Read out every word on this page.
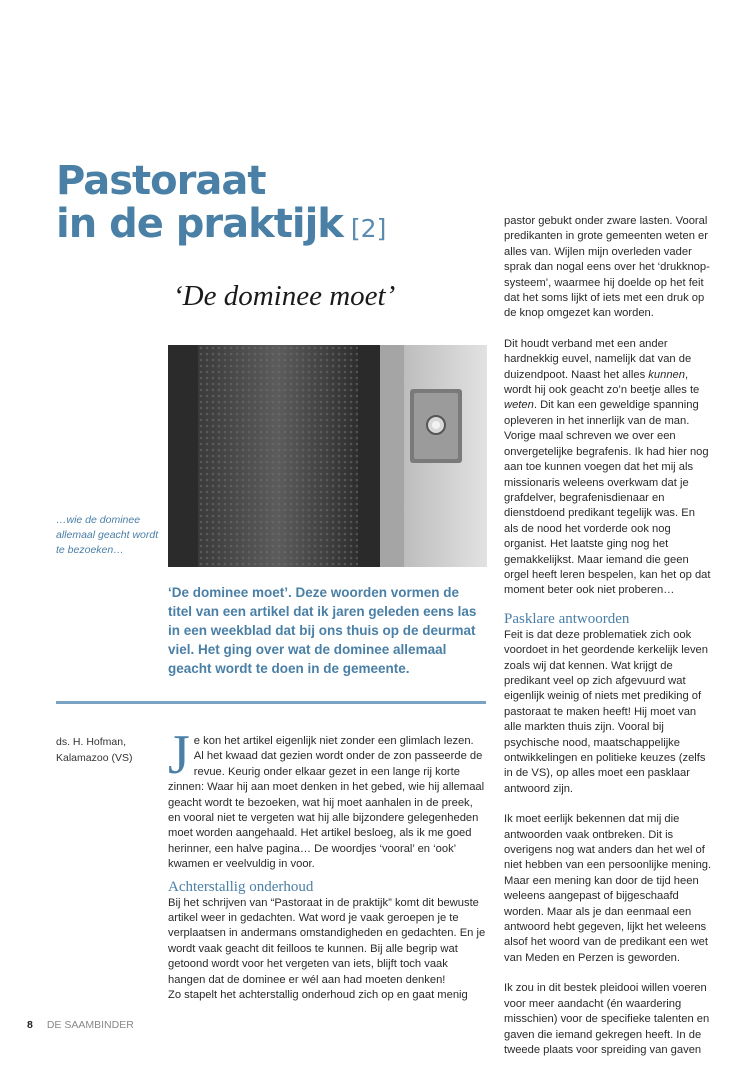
Pastoraat
in de praktijk [2]
‘De dominee moet’
…wie de dominee allemaal geacht wordt te bezoeken…
‘De dominee moet’. Deze woorden vormen de titel van een artikel dat ik jaren geleden eens las in een weekblad dat bij ons thuis op de deurmat viel. Het ging over wat de dominee allemaal geacht wordt te doen in de gemeente.
ds. H. Hofman,
Kalamazoo (VS) Je kon het artikel eigenlijk niet zonder een glimlach lezen. Al het kwaad dat gezien wordt onder de zon passeerde de revue. Keurig onder elkaar gezet in een lange rij korte zinnen: Waar hij aan moet denken in het gebed, wie hij allemaal geacht wordt te bezoeken, wat hij moet aanhalen in de preek, en vooral niet te vergeten wat hij alle bijzondere gelegenheden moet worden aangehaald. Het artikel besloeg, als ik me goed herinner, een halve pagina… De woordjes ‘vooral’ en ‘ook’ kwamen er veelvuldig in voor.

Achterstallig onderhoud

Bij het schrijven van “Pastoraat in de praktijk” komt dit bewuste artikel weer in gedachten. Wat word je vaak geroepen je te verplaatsen in andermans omstandigheden en gedachten. En je wordt vaak geacht dit feilloos te kunnen. Bij alle begrip wat getoond wordt voor het vergeten van iets, blijft toch vaak hangen dat de dominee er wél aan had moeten denken!

Zo stapelt het achterstallig onderhoud zich op en gaat menig

pastor gebukt onder zware lasten. Vooral predikanten in grote gemeenten weten er alles van. Wijlen mijn overleden vader sprak dan nogal eens over het ‘drukknop-systeem’, waarmee hij doelde op het feit dat het soms lijkt of iets met een druk op de knop omgezet kan worden.

Dit houdt verband met een ander hardnekkig euvel, namelijk dat van de duizendpoot. Naast het alles kunnen, wordt hij ook geacht zo’n beetje alles te weten. Dit kan een geweldige spanning opleveren in het innerlijk van de man.

Vorige maal schreven we over een onvergetelijke begrafenis. Ik had hier nog aan toe kunnen voegen dat het mij als missionaris weleens overkwam dat je grafdelver, begrafenisdienaar en dienstdoend predikant tegelijk was. En als de nood het vorderde ook nog organist. Het laatste ging nog het gemakkelijkst. Maar iemand die geen orgel heeft leren bespelen, kan het op dat moment beter ook niet proberen…

Pasklare antwoorden

Feit is dat deze problematiek zich ook voordoet in het geordende kerkelijk leven zoals wij dat kennen. Wat krijgt de predikant veel op zich afgevuurd wat eigenlijk weinig of niets met prediking of pastoraat te maken heeft! Hij moet van alle markten thuis zijn. Vooral bij psychische nood, maatschappelijke ontwikkelingen en politieke keuzes (zelfs in de VS), op alles moet een pasklaar antwoord zijn.

Ik moet eerlijk bekennen dat mij die antwoorden vaak ontbreken. Dit is overigens nog wat anders dan het wel of niet hebben van een persoonlijke mening. Maar een mening kan door de tijd heen weleens aangepast of bijgeschaafd worden. Maar als je dan eenmaal een antwoord hebt gegeven, lijkt het weleens alsof het woord van de predikant een wet van Meden en Perzen is geworden.

Ik zou in dit bestek pleidooi willen voeren voor meer aandacht (én waardering misschien) voor de specifieke talenten en gaven die iemand gekregen heeft. In de tweede plaats voor spreiding van gaven

8 DE SAAMBINDER
